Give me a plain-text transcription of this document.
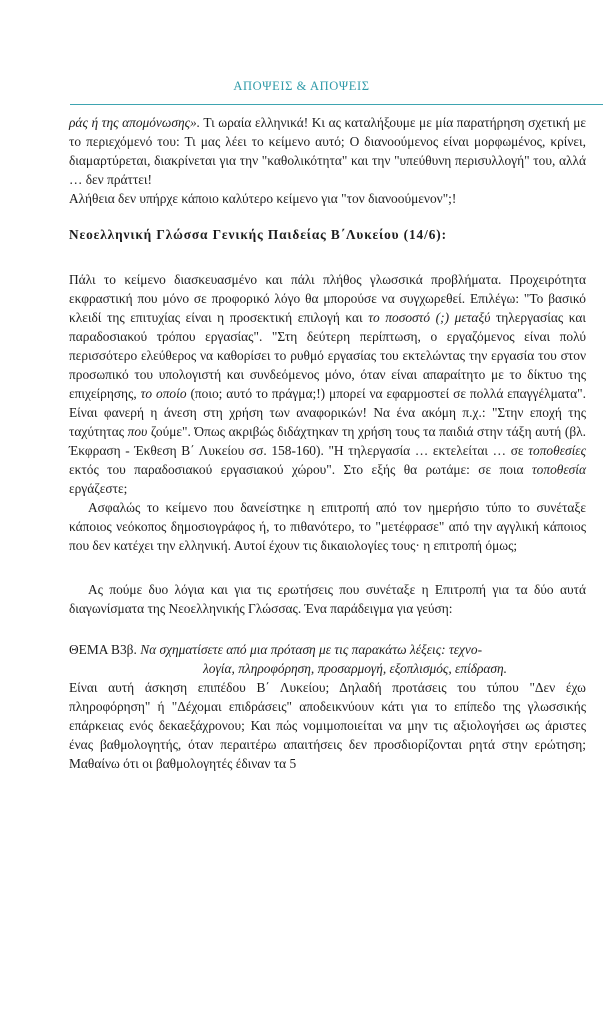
ΑΠΟΨΕΙΣ & ΑΠΟΨΕΙΣ

ράς ή της απομόνωσης». Τι ωραία ελληνικά! Κι ας καταλήξουμε με μία παρατήρηση σχετική με το περιεχόμενό του: Τι μας λέει το κείμενο αυτό; Ο διανοούμενος είναι μορφωμένος, κρίνει, διαμαρτύρεται, διακρίνεται για την "καθολικότητα" και την "υπεύθυνη περισυλλογή" του, αλλά … δεν πράττει!

Αλήθεια δεν υπήρχε κάποιο καλύτερο κείμενο για "τον διανοούμενον";!

Νεοελληνική Γλώσσα Γενικής Παιδείας Β΄Λυκείου (14/6):

Πάλι το κείμενο διασκευασμένο και πάλι πλήθος γλωσσικά προβλήματα. Προχειρότητα εκφραστική που μόνο σε προφορικό λόγο θα μπορούσε να συγχωρεθεί. Επιλέγω: "Το βασικό κλειδί της επιτυχίας είναι η προσεκτική επιλογή και το ποσοστό (;) μεταξύ τηλεργασίας και παραδοσιακού τρόπου εργασίας". "Στη δεύτερη περίπτωση, ο εργαζόμενος είναι πολύ περισσότερο ελεύθερος να καθορίσει το ρυθμό εργασίας του εκτελώντας την εργασία του στον προσωπικό του υπολογιστή και συνδεόμενος μόνο, όταν είναι απαραίτητο με το δίκτυο της επιχείρησης, το οποίο (ποιο; αυτό το πράγμα;!) μπορεί να εφαρμοστεί σε πολλά επαγγέλματα". Είναι φανερή η άνεση στη χρήση των αναφορικών! Να ένα ακόμη π.χ.: "Στην εποχή της ταχύτητας που ζούμε". Όπως ακριβώς διδάχτηκαν τη χρήση τους τα παιδιά στην τάξη αυτή (βλ. Έκφραση - Έκθεση Β΄ Λυκείου σσ. 158-160). "Η τηλεργασία … εκτελείται … σε τοποθεσίες εκτός του παραδοσιακού εργασιακού χώρου". Στο εξής θα ρωτάμε: σε ποια τοποθεσία εργάζεστε;

Ασφαλώς το κείμενο που δανείστηκε η επιτροπή από τον ημερήσιο τύπο το συνέταξε κάποιος νεόκοπος δημοσιογράφος ή, το πιθανότερο, το "μετέφρασε" από την αγγλική κάποιος που δεν κατέχει την ελληνική. Αυτοί έχουν τις δικαιολογίες τους· η επιτροπή όμως;

Ας πούμε δυο λόγια και για τις ερωτήσεις που συνέταξε η Επιτροπή για τα δύο αυτά διαγωνίσματα της Νεοελληνικής Γλώσσας. Ένα παράδειγμα για γεύση:

ΘΕΜΑ Β3β. Να σχηματίσετε από μια πρόταση με τις παρακάτω λέξεις: τεχνο-
λογία, πληροφόρηση, προσαρμογή, εξοπλισμός, επίδραση.

Είναι αυτή άσκηση επιπέδου Β΄ Λυκείου; Δηλαδή προτάσεις του τύπου "Δεν έχω πληροφόρηση" ή "Δέχομαι επιδράσεις" αποδεικνύουν κάτι για το επίπεδο της γλωσσικής επάρκειας ενός δεκαεξάχρονου; Και πώς νομιμοποιείται να μην τις αξιολογήσει ως άριστες ένας βαθμολογητής, όταν περαιτέρω απαιτήσεις δεν προσδιορίζονται ρητά στην ερώτηση; Μαθαίνω ότι οι βαθμολογητές έδιναν τα 5
